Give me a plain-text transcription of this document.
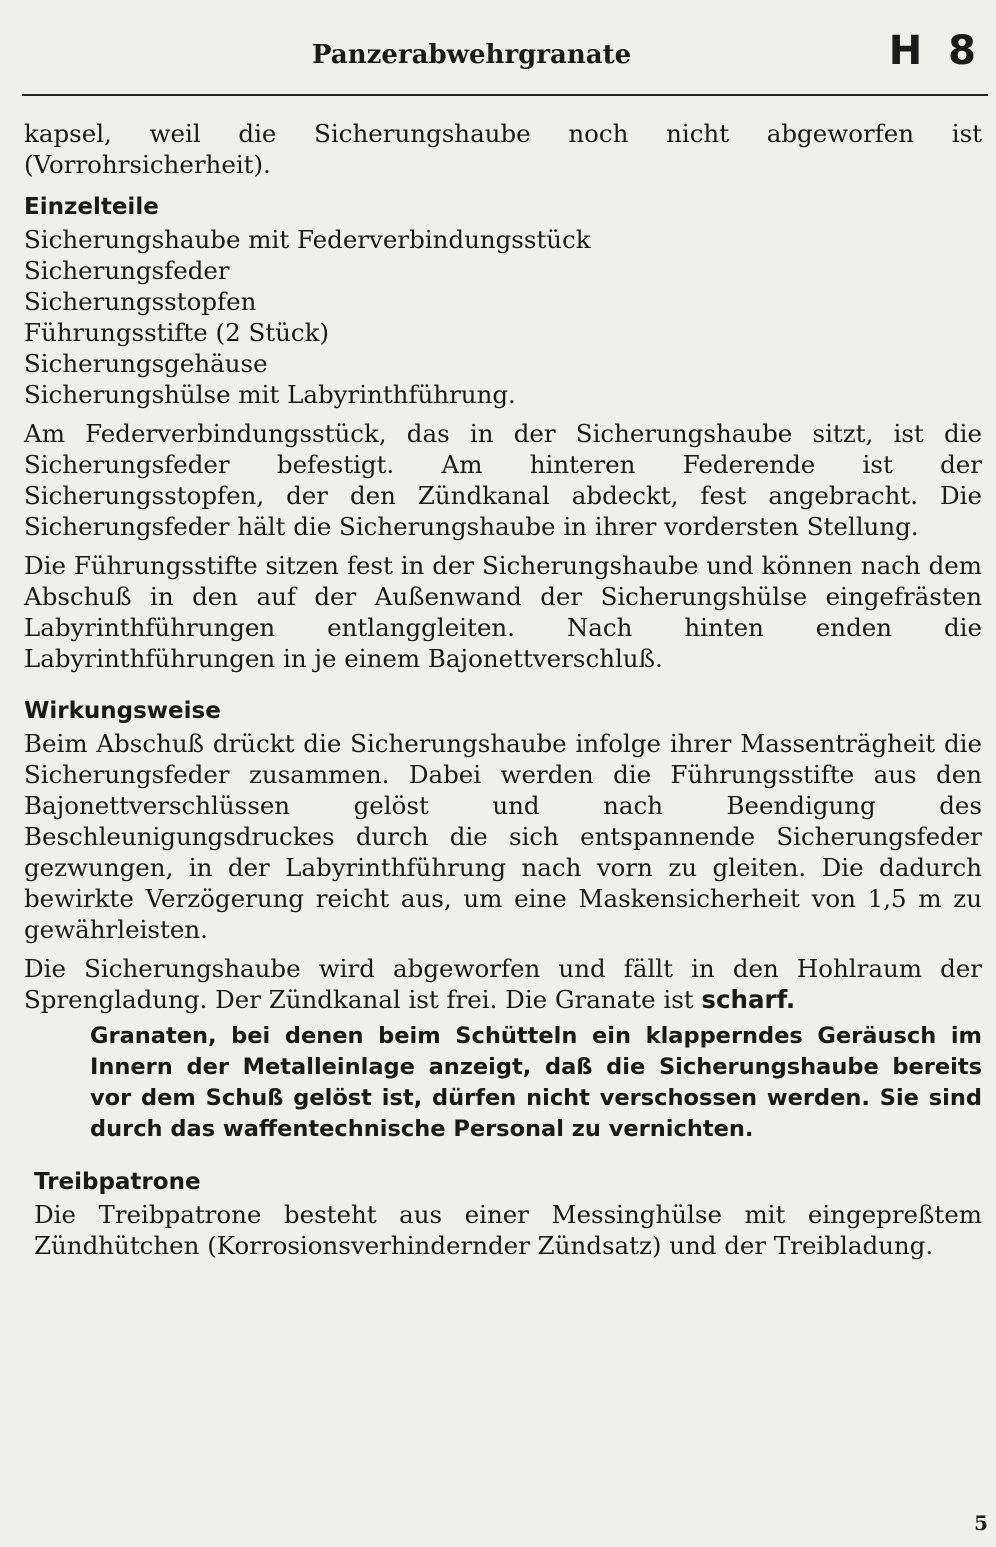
Panzerabwehrgranate	H 8

kapsel, weil die Sicherungshaube noch nicht abgeworfen ist (Vorrohrsicherheit).

Einzelteile
Sicherungshaube mit Federverbindungsstück
Sicherungsfeder
Sicherungsstopfen
Führungsstifte (2 Stück)
Sicherungsgehäuse
Sicherungshülse mit Labyrinthführung.

Am Federverbindungsstück, das in der Sicherungshaube sitzt, ist die Sicherungsfeder befestigt. Am hinteren Federende ist der Sicherungsstopfen, der den Zündkanal abdeckt, fest angebracht. Die Sicherungsfeder hält die Sicherungshaube in ihrer vordersten Stellung.

Die Führungsstifte sitzen fest in der Sicherungshaube und können nach dem Abschuß in den auf der Außenwand der Sicherungshülse eingefrästen Labyrinthführungen entlanggleiten. Nach hinten enden die Labyrinthführungen in je einem Bajonettverschluß.

Wirkungsweise

Beim Abschuß drückt die Sicherungshaube infolge ihrer Massenträgheit die Sicherungsfeder zusammen. Dabei werden die Führungsstifte aus den Bajonettverschlüssen gelöst und nach Beendigung des Beschleunigungsdruckes durch die sich entspannende Sicherungsfeder gezwungen, in der Labyrinthführung nach vorn zu gleiten. Die dadurch bewirkte Verzögerung reicht aus, um eine Maskensicherheit von 1,5 m zu gewährleisten.

Die Sicherungshaube wird abgeworfen und fällt in den Hohlraum der Sprengladung. Der Zündkanal ist frei. Die Granate ist scharf.

Granaten, bei denen beim Schütteln ein klapperndes Geräusch im Innern der Metalleinlage anzeigt, daß die Sicherungshaube bereits vor dem Schuß gelöst ist, dürfen nicht verschossen werden. Sie sind durch das waffentechnische Personal zu vernichten.
Treibpatrone

Die Treibpatrone besteht aus einer Messinghülse mit eingepreßtem Zündhütchen (Korrosionsverhindernder Zündsatz) und der Treibladung.

5
